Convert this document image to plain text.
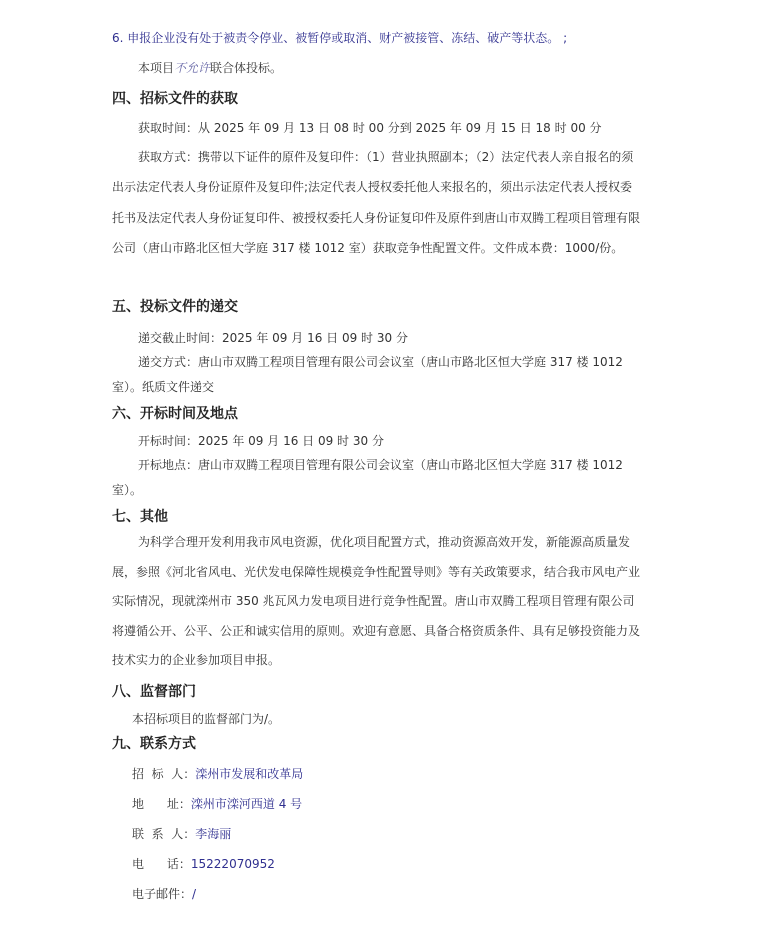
6. 申报企业没有处于被责令停业、被暂停或取消、财产被接管、冻结、破产等状态。 ;
本项目不允许联合体投标。
四、招标文件的获取
获取时间：从 2025 年 09 月 13 日 08 时 00 分到 2025 年 09 月 15 日 18 时 00 分
获取方式：携带以下证件的原件及复印件：（1）营业执照副本；（2）法定代表人亲自报名的须出示法定代表人身份证原件及复印件;法定代表人授权委托他人来报名的，须出示法定代表人授权委托书及法定代表人身份证复印件、被授权委托人身份证复印件及原件到唐山市双腾工程项目管理有限公司（唐山市路北区恒大学庭 317 楼 1012 室）获取竞争性配置文件。文件成本费：1000/份。
五、投标文件的递交
递交截止时间：2025 年 09 月 16 日 09 时 30 分
递交方式：唐山市双腾工程项目管理有限公司会议室（唐山市路北区恒大学庭 317 楼 1012 室）。纸质文件递交
六、开标时间及地点
开标时间：2025 年 09 月 16 日 09 时 30 分
开标地点：唐山市双腾工程项目管理有限公司会议室（唐山市路北区恒大学庭 317 楼 1012 室）。
七、其他
为科学合理开发利用我市风电资源，优化项目配置方式，推动资源高效开发，新能源高质量发展，参照《河北省风电、光伏发电保障性规模竞争性配置导则》等有关政策要求，结合我市风电产业实际情况，现就滦州市 350 兆瓦风力发电项目进行竞争性配置。唐山市双腾工程项目管理有限公司将遵循公开、公平、公正和诚实信用的原则。欢迎有意愿、具备合格资质条件、具有足够投资能力及技术实力的企业参加项目申报。
八、监督部门
本招标项目的监督部门为/。
九、联系方式
招  标  人：滦州市发展和改革局
地      址：滦州市滦河西道 4 号
联  系  人：李海丽
电      话：15222070952
电子邮件：/
